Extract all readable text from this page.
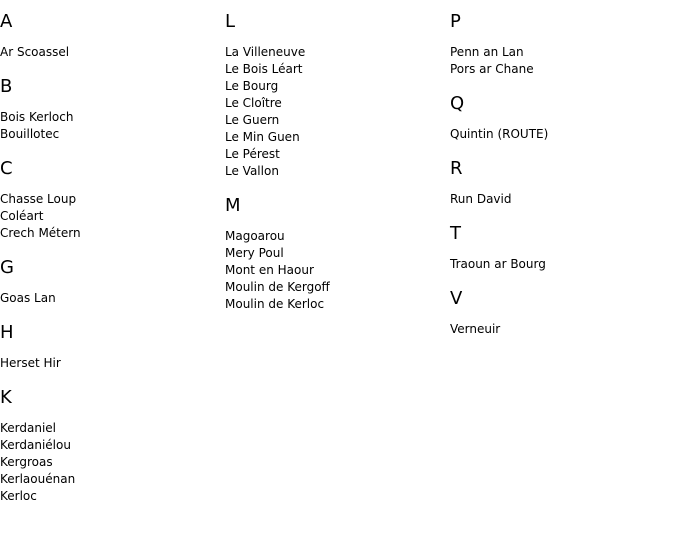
A
Ar Scoassel
B
Bois Kerloch
Bouillotec
C
Chasse Loup
Coléart
Crech Métern
G
Goas Lan
H
Herset Hir
K
Kerdaniel
Kerdaniélou
Kergroas
Kerlaouénan
Kerloc
L
La Villeneuve
Le Bois Léart
Le Bourg
Le Cloître
Le Guern
Le Min Guen
Le Pérest
Le Vallon
M
Magoarou
Mery Poul
Mont en Haour
Moulin de Kergoff
Moulin de Kerloc
P
Penn an Lan
Pors ar Chane
Q
Quintin (ROUTE)
R
Run David
T
Traoun ar Bourg
V
Verneuir
